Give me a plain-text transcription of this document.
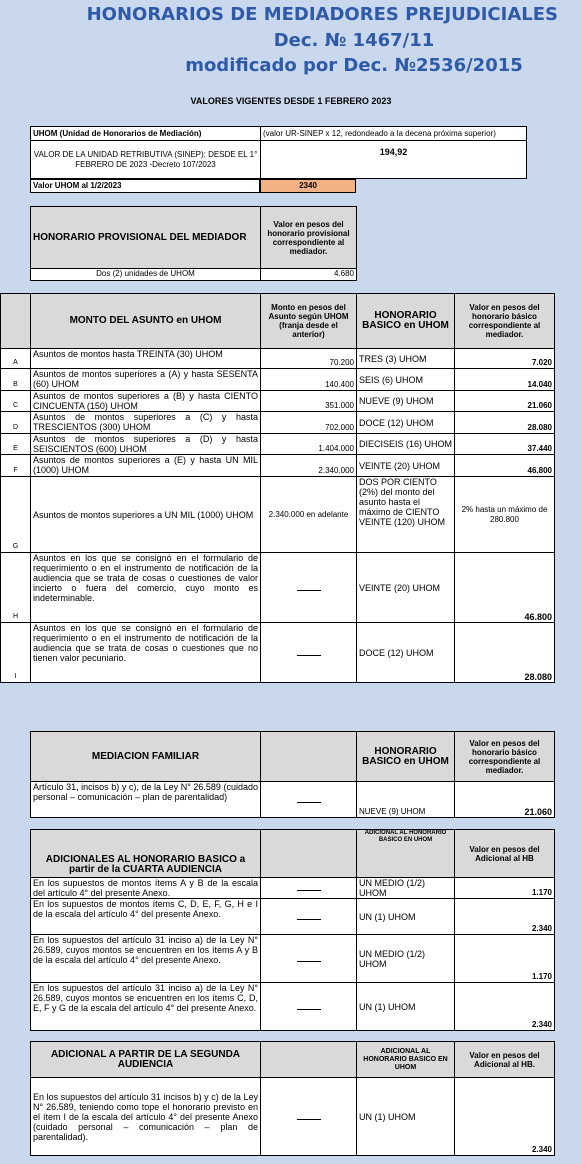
HONORARIOS DE MEDIADORES PREJUDICIALES
Dec. № 1467/11
modificado por Dec. №2536/2015
VALORES VIGENTES DESDE 1 FEBRERO 2023
UHOM (Unidad de Honorarios de Mediación)	(valor UR-SINEP x 12, redondeado a la decena próxima superior)
VALOR DE LA UNIDAD RETRIBUTIVA (SINEP): DESDE EL 1° FEBRERO DE 2023 -Decreto 107/2023	194,92
Valor UHOM al 1/2/2023	2340
HONORARIO PROVISIONAL DEL MEDIADOR	Valor en pesos del honorario provisional correspondiente al mediador.
Dos (2) unidades de UHOM	4.680
	MONTO DEL ASUNTO en UHOM	Monto en pesos del Asunto según UHOM (franja desde el anterior)	HONORARIO BASICO en UHOM	Valor en pesos del honorario básico correspondiente al mediador.
A	Asuntos de montos hasta TREINTA (30) UHOM	70.200	TRES (3) UHOM	7.020
B	Asuntos de montos superiores a (A) y hasta SESENTA (60) UHOM	140.400	SEIS (6) UHOM	14.040
C	Asuntos de montos superiores a (B) y hasta CIENTO CINCUENTA (150) UHOM	351.000	NUEVE (9) UHOM	21.060
D	Asuntos de montos superiores a (C) y hasta TRESCIENTOS (300) UHOM	702.000	DOCE (12) UHOM	28.080
E	Asuntos de montos superiores a (D) y hasta SEISCIENTOS (600) UHOM	1.404.000	DIECISEIS (16) UHOM	37.440
F	Asuntos de montos superiores a (E) y hasta UN MIL (1000) UHOM	2.340.000	VEINTE (20) UHOM	46.800
G	Asuntos de montos superiores a UN MIL (1000) UHOM	2.340.000 en adelante	DOS POR CIENTO (2%) del monto del asunto hasta el máximo de CIENTO VEINTE (120) UHOM	2% hasta un máximo de 280.800
H	Asuntos en los que se consignó en el formulario de requerimiento o en el instrumento de notificación de la audiencia que se trata de cosas o cuestiones de valor incierto o fuera del comercio, cuyo monto es indeterminable.		VEINTE (20) UHOM	46.800
I	Asuntos en los que se consignó en el formulario de requerimiento o en el instrumento de notificación de la audiencia que se trata de cosas o cuestiones que no tienen valor pecuniario.		DOCE (12) UHOM	28.080
MEDIACION FAMILIAR		HONORARIO BASICO en UHOM	Valor en pesos del honorario básico correspondiente al mediador.
Artículo 31, incisos b) y c), de la Ley N° 26.589 (cuidado personal – comunicación – plan de parentalidad)		NUEVE (9) UHOM	21.060
ADICIONALES AL HONORARIO BASICO a partir de la CUARTA AUDIENCIA		ADICIONAL AL HONORARIO BASICO EN UHOM	Valor en pesos del Adicional al HB
En los supuestos de montos ítems A y B de la escala del artículo 4° del presente Anexo.		UN MEDIO (1/2) UHOM	1.170
En los supuestos de montos ítems C, D, E, F, G, H e I de la escala del artículo 4° del presente Anexo.		UN (1) UHOM	2.340
En los supuestos del artículo 31 inciso a) de la Ley N° 26.589, cuyos montos se encuentren en los ítems A y B de la escala del artículo 4° del presente Anexo.		UN MEDIO (1/2) UHOM	1.170
En los supuestos del artículo 31 inciso a) de la Ley N° 26.589, cuyos montos se encuentren en los ítems C, D, E, F y G de la escala del artículo 4° del presente Anexo.		UN (1) UHOM	2.340
ADICIONAL A PARTIR DE LA SEGUNDA AUDIENCIA		ADICIONAL AL HONORARIO BASICO EN UHOM	Valor en pesos del Adicional al HB.
En los supuestos del artículo 31 incisos b) y c) de la Ley N° 26.589, teniendo como tope el honorario previsto en el ítem I de la escala del artículo 4° del presente Anexo (cuidado personal – comunicación – plan de parentalidad).		UN (1) UHOM	2.340
